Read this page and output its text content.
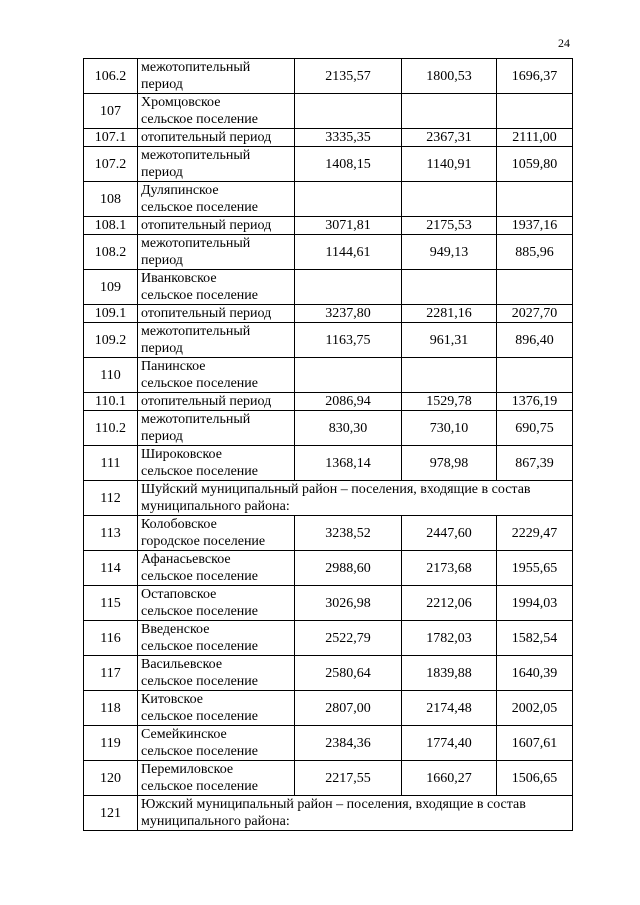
24
106.2	межотопительный
период	2135,57	1800,53	1696,37
107	Хромцовское
сельское поселение			

107.1	отопительный период	3335,35	2367,31	2111,00
107.2	межотопительный
период	1408,15	1140,91	1059,80
108	Дуляпинское
сельское поселение			

108.1	отопительный период	3071,81	2175,53	1937,16
108.2	межотопительный
период	1144,61	949,13	885,96
109	Иванковское
сельское поселение			

109.1	отопительный период	3237,80	2281,16	2027,70
109.2	межотопительный
период	1163,75	961,31	896,40
110	Панинское
сельское поселение			

110.1	отопительный период	2086,94	1529,78	1376,19
110.2	межотопительный
период	830,30	730,10	690,75
111	Широковское
сельское поселение	1368,14	978,98	867,39
112	Шуйский муниципальный район – поселения, входящие в состав
муниципального района:			

113	Колобовское
городское поселение	3238,52	2447,60	2229,47
114	Афанасьевское
сельское поселение	2988,60	2173,68	1955,65
115	Остаповское
сельское поселение	3026,98	2212,06	1994,03
116	Введенское
сельское поселение	2522,79	1782,03	1582,54
117	Васильевское
сельское поселение	2580,64	1839,88	1640,39
118	Китовское
сельское поселение	2807,00	2174,48	2002,05
119	Семейкинское
сельское поселение	2384,36	1774,40	1607,61
120	Перемиловское
сельское поселение	2217,55	1660,27	1506,65
121	Южский муниципальный район – поселения, входящие в состав
муниципального района:			
